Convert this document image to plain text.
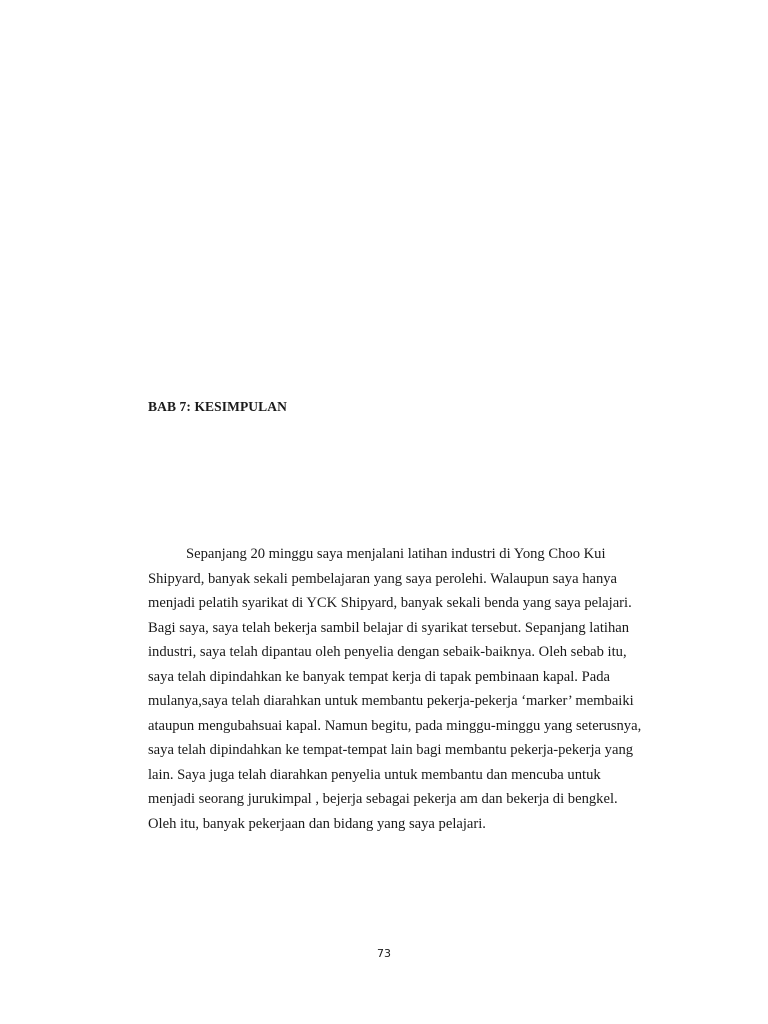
BAB 7: KESIMPULAN
Sepanjang 20 minggu saya menjalani latihan industri di Yong Choo Kui
Shipyard, banyak sekali pembelajaran yang saya perolehi. Walaupun saya hanya
menjadi pelatih syarikat di YCK Shipyard, banyak sekali benda yang saya pelajari.
Bagi saya, saya telah bekerja sambil belajar di syarikat tersebut. Sepanjang latihan
industri, saya telah dipantau oleh penyelia dengan sebaik-baiknya. Oleh sebab itu,
saya telah dipindahkan ke banyak tempat kerja di tapak pembinaan kapal. Pada
mulanya,saya telah diarahkan untuk membantu pekerja-pekerja ‘marker’ membaiki
ataupun mengubahsuai kapal. Namun begitu, pada minggu-minggu yang seterusnya,
saya telah dipindahkan ke tempat-tempat lain bagi membantu pekerja-pekerja yang
lain. Saya juga telah diarahkan penyelia untuk membantu dan mencuba untuk
menjadi seorang jurukimpal , bejerja sebagai pekerja am dan bekerja di bengkel.
Oleh itu, banyak pekerjaan dan bidang yang saya pelajari.
73
